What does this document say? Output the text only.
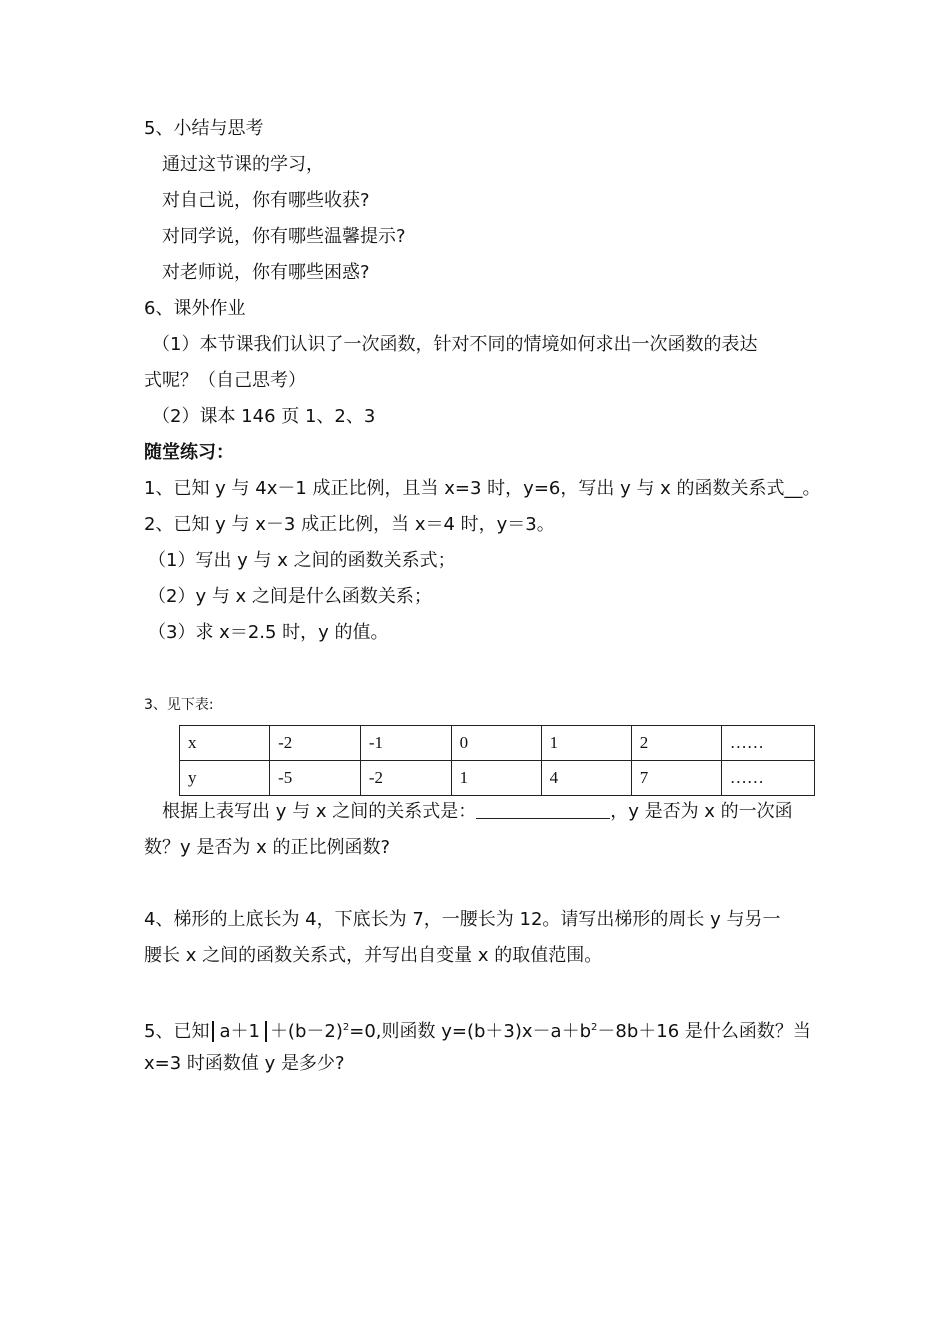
5、小结与思考
通过这节课的学习，
对自己说，你有哪些收获?
对同学说，你有哪些温馨提示?
对老师说，你有哪些困惑?
6、课外作业
（1）本节课我们认识了一次函数，针对不同的情境如何求出一次函数的表达
式呢？（自己思考）
（2）课本 146 页 1、2、3
随堂练习：
1、已知 y 与 4x－1 成正比例，且当 x=3 时，y=6，写出 y 与 x 的函数关系式__。
2、已知 y 与 x－3 成正比例，当 x＝4 时，y＝3。
（1）写出 y 与 x 之间的函数关系式；
（2）y 与 x 之间是什么函数关系；
（3）求 x＝2.5 时，y 的值。
3、见下表:
x	-2	-1	0	1	2	……
y	-5	-2	1	4	7	……
根据上表写出 y 与 x 之间的关系式是：	，y 是否为 x 的一次函
数？y 是否为 x 的正比例函数?
4、梯形的上底长为 4，下底长为 7，一腰长为 12。请写出梯形的周长 y 与另一
腰长 x 之间的函数关系式，并写出自变量 x 的取值范围。
5、已知 $a+1 +(b-2)^2=0$,则函数 $y=(b+3)x-a+b^2-8b+16$ 是什么函数？当
x=3 时函数值 y 是多少?
